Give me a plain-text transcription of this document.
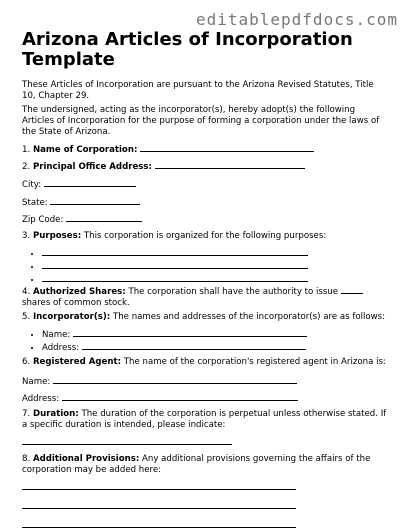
editablepdfdocs.com
Arizona Articles of Incorporation Template

These Articles of Incorporation are pursuant to the Arizona Revised Statutes, Title 10, Chapter 29.

The undersigned, acting as the incorporator(s), hereby adopt(s) the following Articles of Incorporation for the purpose of forming a corporation under the laws of the State of Arizona.

1. Name of Corporation:

2. Principal Office Address:

City:

State:

Zip Code:

3. Purposes: This corporation is organized for the following purposes:

•
•
•

4. Authorized Shares: The corporation shall have the authority to issue  shares of common stock.

5. Incorporator(s): The names and addresses of the incorporator(s) are as follows:

• Name:
• Address:

6. Registered Agent: The name of the corporation's registered agent in Arizona is:

Name:

Address:

7. Duration: The duration of the corporation is perpetual unless otherwise stated. If a specific duration is intended, please indicate:

8. Additional Provisions: Any additional provisions governing the affairs of the corporation may be added here:
